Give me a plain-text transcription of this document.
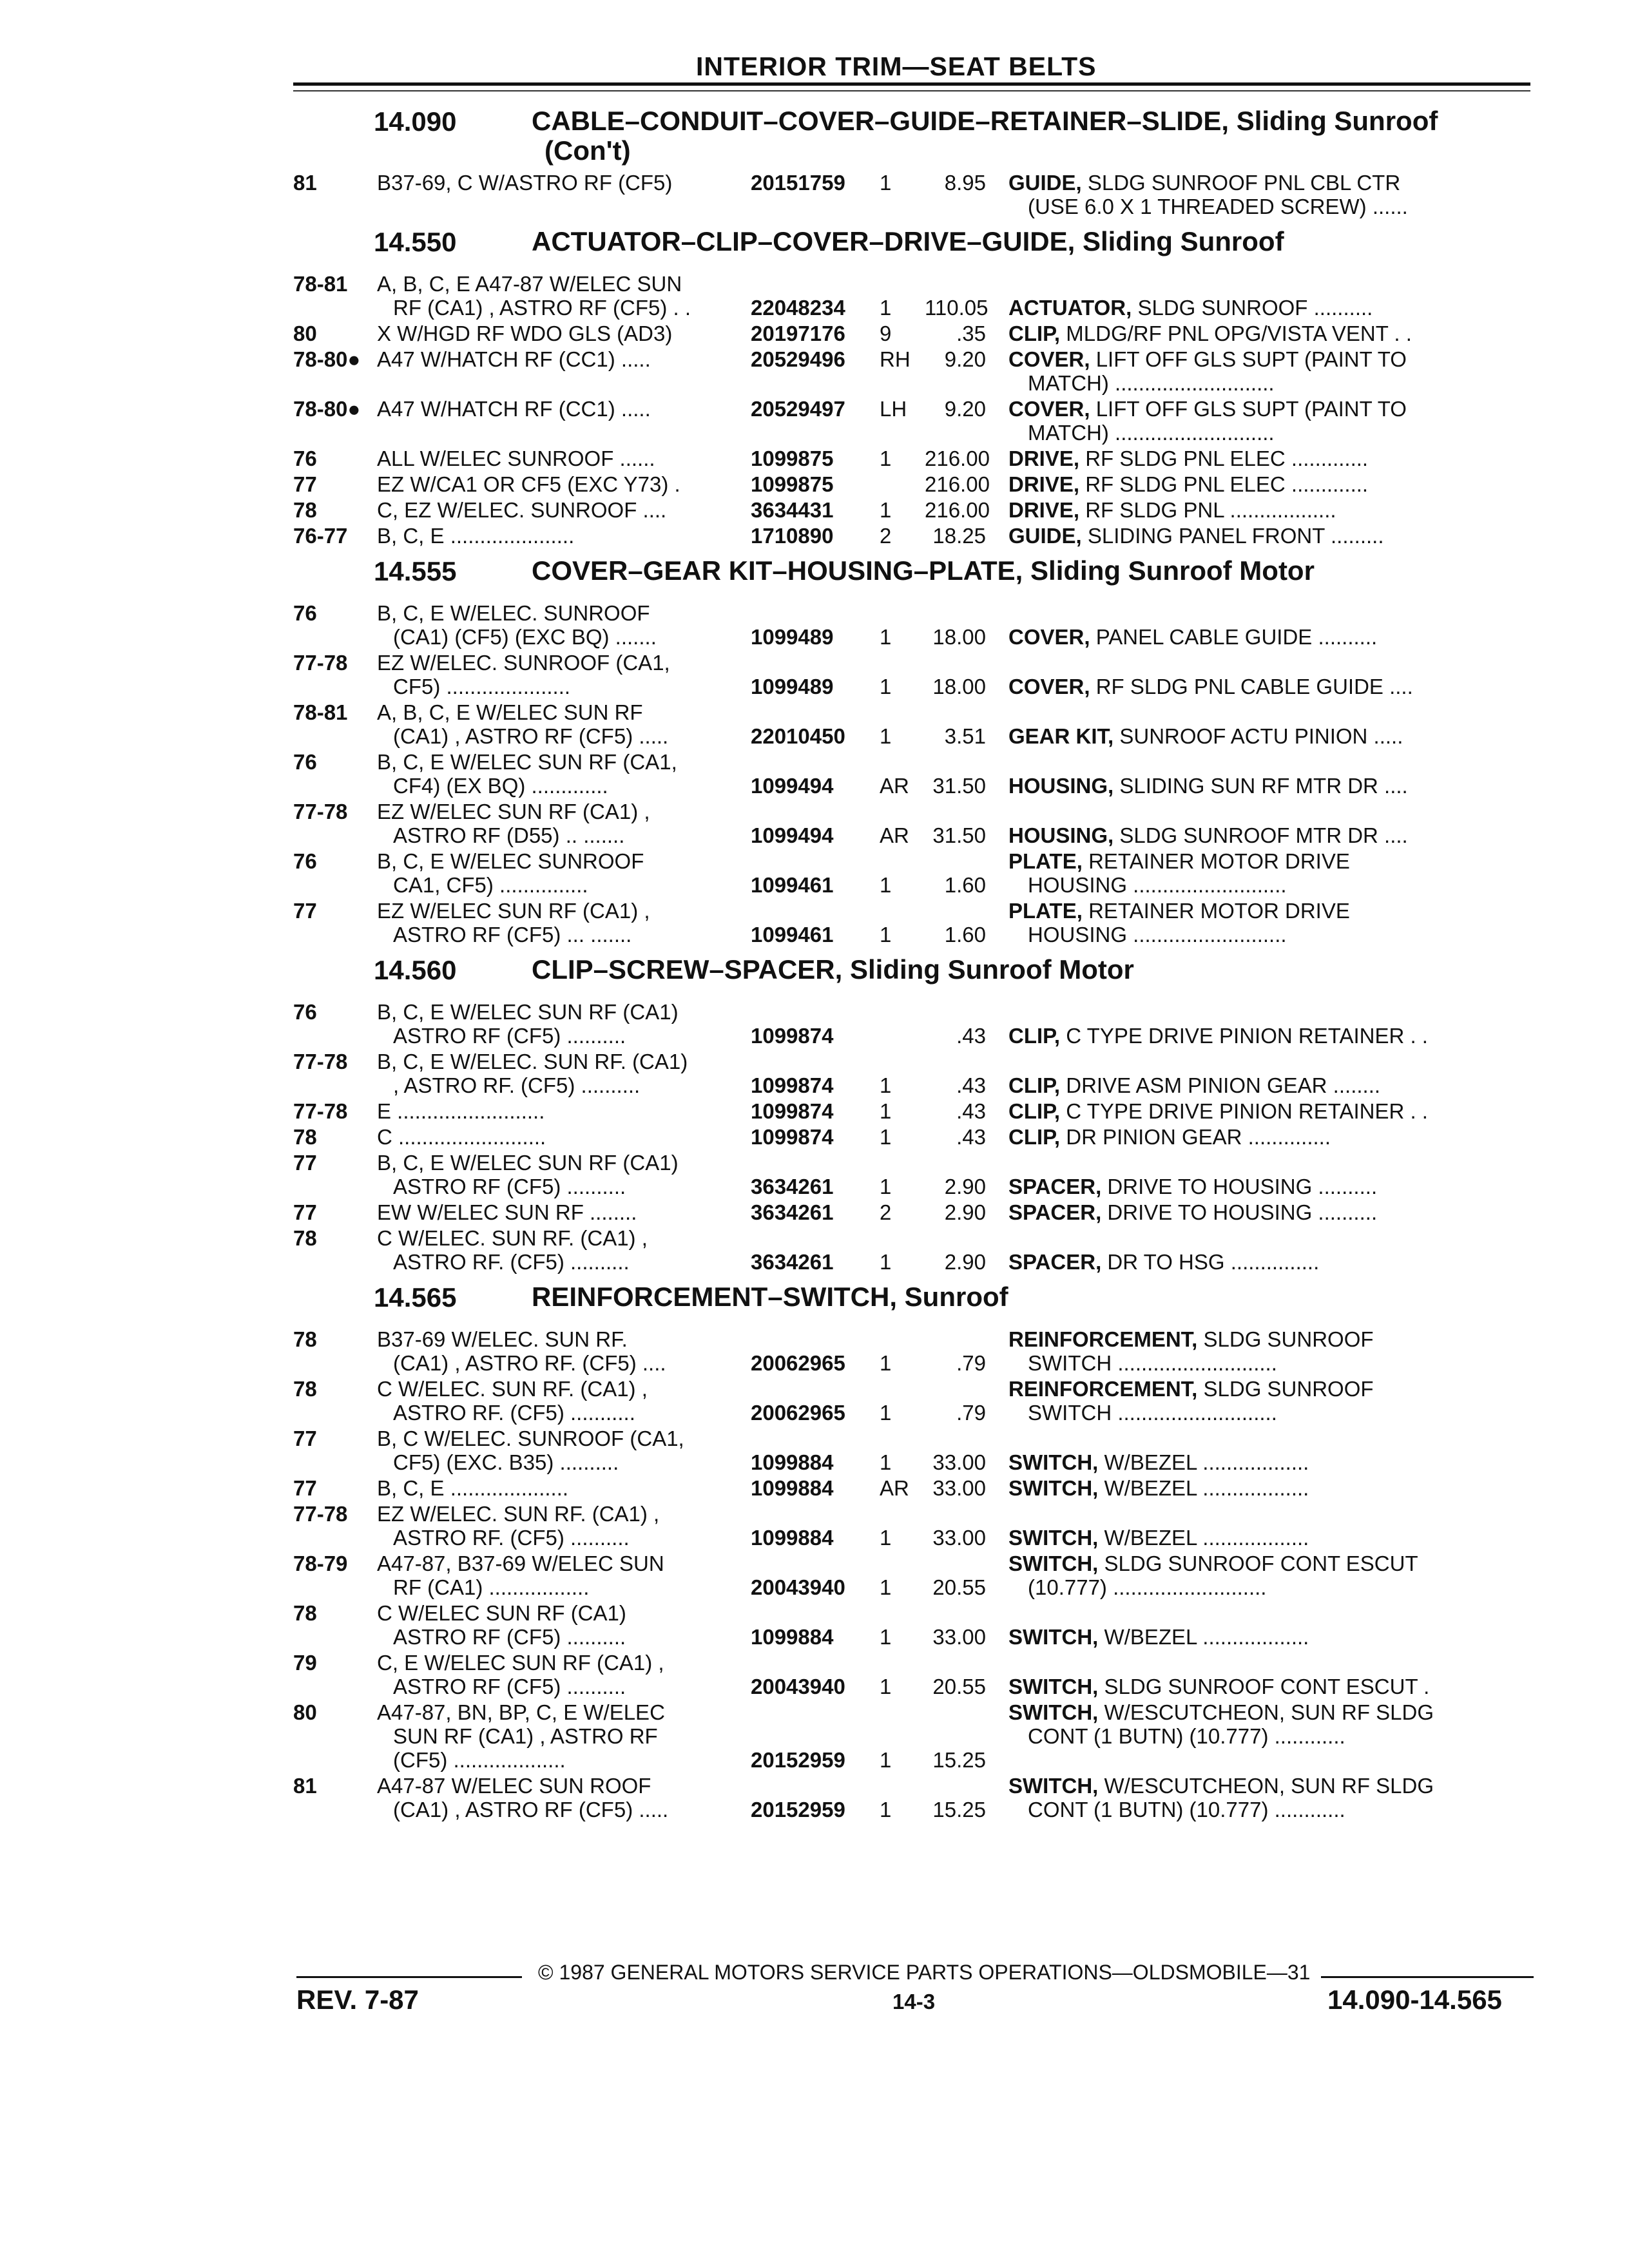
INTERIOR TRIM—SEAT BELTS
14.090	CABLE–CONDUIT–COVER–GUIDE–RETAINER–SLIDE, Sliding Sunroof
(Con't)
81	B37-69, C W/ASTRO RF (CF5)	20151759	1	8.95	GUIDE, SLDG SUNROOF PNL CBL CTR
(USE 6.0 X 1 THREADED SCREW) ......
14.550	ACTUATOR–CLIP–COVER–DRIVE–GUIDE, Sliding Sunroof
78-81	A, B, C, E A47-87 W/ELEC SUN
RF (CA1) , ASTRO RF (CF5) . .	22048234	1	110.05 ACTUATOR, SLDG SUNROOF ..........
80	X W/HGD RF WDO GLS (AD3)	20197176	9	.35	CLIP, MLDG/RF PNL OPG/VISTA VENT . .
78-80● A47 W/HATCH RF (CC1) .....	20529496	RH	9.20	COVER, LIFT OFF GLS SUPT (PAINT TO
MATCH) ...........................
78-80● A47 W/HATCH RF (CC1) .....	20529497	LH	9.20	COVER, LIFT OFF GLS SUPT (PAINT TO
MATCH) ...........................
76	ALL W/ELEC SUNROOF ......	1099875	1	216.00 DRIVE, RF SLDG PNL ELEC .............
77	EZ W/CA1 OR CF5 (EXC Y73) .	1099875	216.00 DRIVE, RF SLDG PNL ELEC .............
78	C, EZ W/ELEC. SUNROOF ....	3634431	1	216.00 DRIVE, RF SLDG PNL ..................
76-77	B, C, E .....................	1710890	2	18.25	GUIDE, SLIDING PANEL FRONT .........
14.555	COVER–GEAR KIT–HOUSING–PLATE, Sliding Sunroof Motor
76	B, C, E W/ELEC. SUNROOF
(CA1) (CF5) (EXC BQ) .......	1099489	1	18.00	COVER, PANEL CABLE GUIDE ..........
77-78	EZ W/ELEC. SUNROOF (CA1,
CF5) .....................	1099489	1	18.00	COVER, RF SLDG PNL CABLE GUIDE ....
78-81	A, B, C, E W/ELEC SUN RF
(CA1) , ASTRO RF (CF5) .....	22010450	1	3.51	GEAR KIT, SUNROOF ACTU PINION .....
76	B, C, E W/ELEC SUN RF (CA1,
CF4) (EX BQ) .............	1099494	AR	31.50	HOUSING, SLIDING SUN RF MTR DR ....
77-78	EZ W/ELEC SUN RF (CA1) ,
ASTRO RF (D55) .. .......	1099494	AR	31.50	HOUSING, SLDG SUNROOF MTR DR ....
76	B, C, E W/ELEC SUNROOF
CA1, CF5) ...............	1099461	1	1.60
PLATE, RETAINER MOTOR DRIVE
HOUSING ..........................
77	EZ W/ELEC SUN RF (CA1) ,
ASTRO RF (CF5) ... .......	1099461	1	1.60
PLATE, RETAINER MOTOR DRIVE
HOUSING ..........................
14.560	CLIP–SCREW–SPACER, Sliding Sunroof Motor
76	B, C, E W/ELEC SUN RF (CA1)
ASTRO RF (CF5) ..........	1099874	.43	CLIP, C TYPE DRIVE PINION RETAINER . .
77-78	B, C, E W/ELEC. SUN RF. (CA1)
, ASTRO RF. (CF5) ..........	1099874	1	.43	CLIP, DRIVE ASM PINION GEAR ........
77-78	E .........................	1099874	1	.43	CLIP, C TYPE DRIVE PINION RETAINER . .
78	C .........................	1099874	1	.43	CLIP, DR PINION GEAR ..............
77	B, C, E W/ELEC SUN RF (CA1)
ASTRO RF (CF5) ..........	3634261	1	2.90	SPACER, DRIVE TO HOUSING ..........
77	EW W/ELEC SUN RF ........	3634261	2	2.90	SPACER, DRIVE TO HOUSING ..........
78	C W/ELEC. SUN RF. (CA1) ,
ASTRO RF. (CF5) ..........	3634261	1	2.90	SPACER, DR TO HSG ...............
14.565	REINFORCEMENT–SWITCH, Sunroof
78	B37-69 W/ELEC. SUN RF.
(CA1) , ASTRO RF. (CF5) ....	20062965	1	.79
REINFORCEMENT, SLDG SUNROOF
SWITCH ...........................
78	C W/ELEC. SUN RF. (CA1) ,
ASTRO RF. (CF5) ...........	20062965	1	.79
REINFORCEMENT, SLDG SUNROOF
SWITCH ...........................
77	B, C W/ELEC. SUNROOF (CA1,
CF5) (EXC. B35) ..........	1099884	1	33.00	SWITCH, W/BEZEL ..................
77	B, C, E ....................	1099884	AR	33.00	SWITCH, W/BEZEL ..................
77-78	EZ W/ELEC. SUN RF. (CA1) ,
ASTRO RF. (CF5) ..........	1099884	1	33.00	SWITCH, W/BEZEL ..................
78-79	A47-87, B37-69 W/ELEC SUN
RF (CA1) .................	20043940	1	20.55
SWITCH, SLDG SUNROOF CONT ESCUT
(10.777) ..........................
78	C W/ELEC SUN RF (CA1)
ASTRO RF (CF5) ..........	1099884	1	33.00	SWITCH, W/BEZEL ..................
79	C, E W/ELEC SUN RF (CA1) ,
ASTRO RF (CF5) ..........	20043940	1	20.55	SWITCH, SLDG SUNROOF CONT ESCUT .
80	A47-87, BN, BP, C, E W/ELEC
SUN RF (CA1) , ASTRO RF
(CF5) ...................	20152959	1	15.25
SWITCH, W/ESCUTCHEON, SUN RF SLDG
CONT (1 BUTN) (10.777) ............
81	A47-87 W/ELEC SUN ROOF
(CA1) , ASTRO RF (CF5) .....	20152959	1	15.25
SWITCH, W/ESCUTCHEON, SUN RF SLDG
CONT (1 BUTN) (10.777) ............
© 1987 GENERAL MOTORS SERVICE PARTS OPERATIONS—OLDSMOBILE—31
REV. 7-87	14-3	14.090-14.565
